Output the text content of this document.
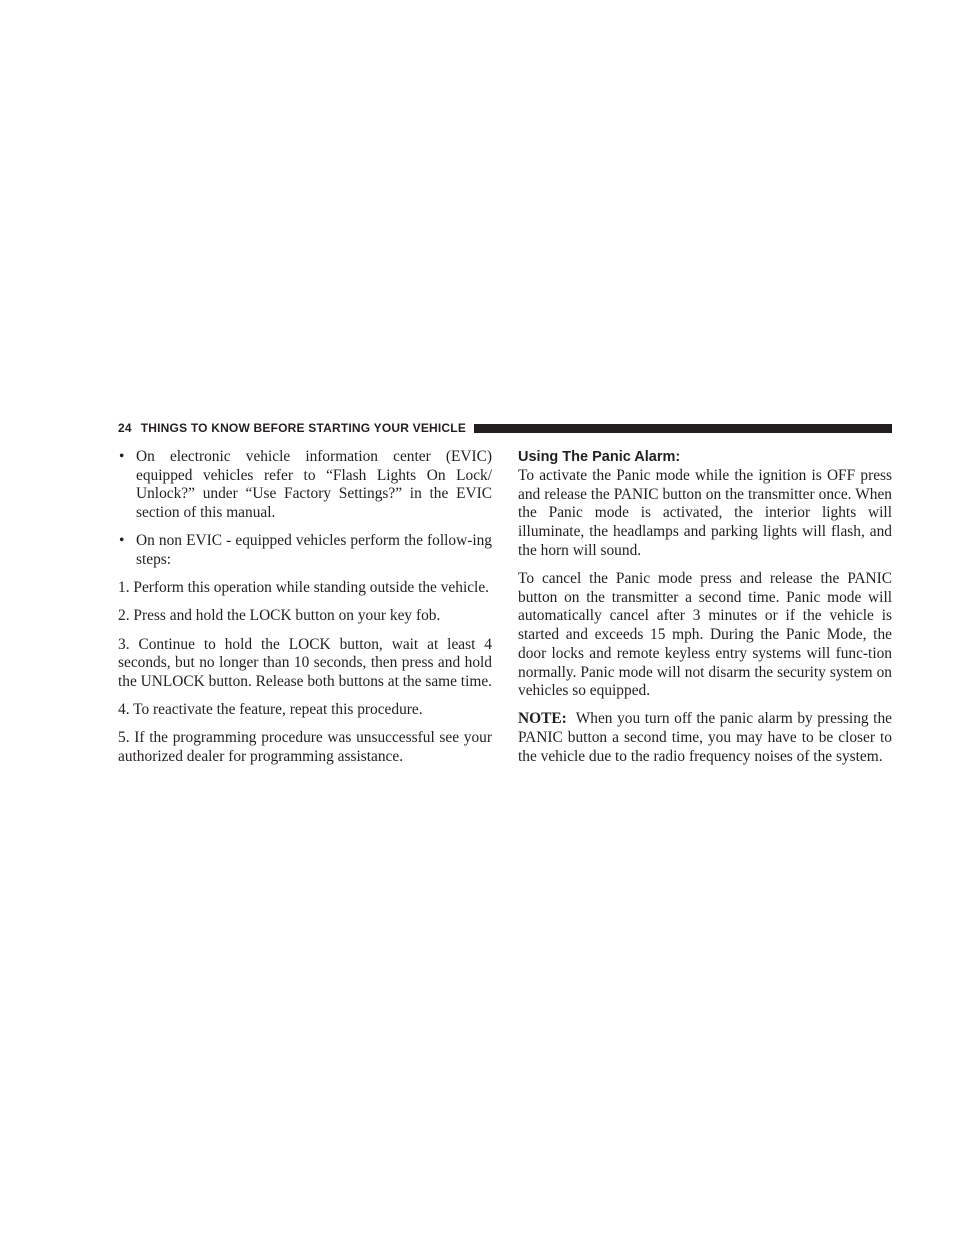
24 THINGS TO KNOW BEFORE STARTING YOUR VEHICLE
• On electronic vehicle information center (EVIC) equipped vehicles refer to “Flash Lights On Lock/ Unlock?” under “Use Factory Settings?” in the EVIC section of this manual.
• On non EVIC - equipped vehicles perform the follow-ing steps:

1. Perform this operation while standing outside the vehicle.

2. Press and hold the LOCK button on your key fob.

3. Continue to hold the LOCK button, wait at least 4 seconds, but no longer than 10 seconds, then press and hold the UNLOCK button. Release both buttons at the same time.

4. To reactivate the feature, repeat this procedure.

5. If the programming procedure was unsuccessful see your authorized dealer for programming assistance.

Using The Panic Alarm:

To activate the Panic mode while the ignition is OFF press and release the PANIC button on the transmitter once. When the Panic mode is activated, the interior lights will illuminate, the headlamps and parking lights will flash, and the horn will sound.

To cancel the Panic mode press and release the PANIC button on the transmitter a second time. Panic mode will automatically cancel after 3 minutes or if the vehicle is started and exceeds 15 mph. During the Panic Mode, the door locks and remote keyless entry systems will func-tion normally. Panic mode will not disarm the security system on vehicles so equipped.

NOTE: When you turn off the panic alarm by pressing the PANIC button a second time, you may have to be closer to the vehicle due to the radio frequency noises of the system.
